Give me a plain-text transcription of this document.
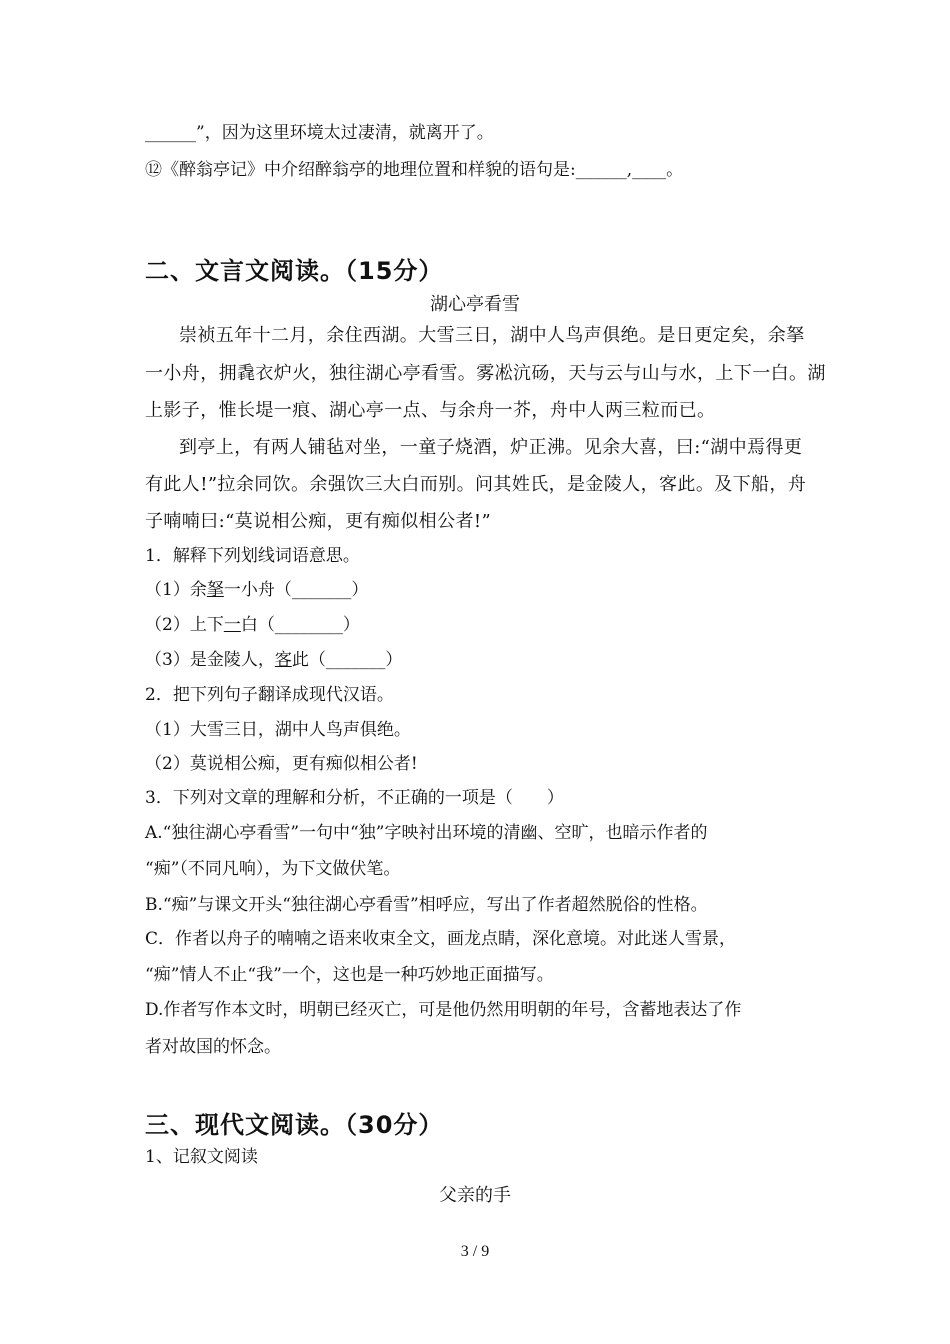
______”，因为这里环境太过凄清，就离开了。
⑫《醉翁亭记》中介绍醉翁亭的地理位置和样貌的语句是:______,____。
二、文言文阅读。（15分）
湖心亭看雪
崇祯五年十二月，余住西湖。大雪三日，湖中人鸟声俱绝。是日更定矣，余拏
一小舟，拥毳衣炉火，独往湖心亭看雪。雾凇沆砀，天与云与山与水，上下一白。湖
上影子，惟长堤一痕、湖心亭一点、与余舟一芥，舟中人两三粒而已。
到亭上，有两人铺毡对坐，一童子烧酒，炉正沸。见余大喜，曰:“湖中焉得更
有此人!”拉余同饮。余强饮三大白而别。问其姓氏，是金陵人，客此。及下船，舟
子喃喃曰:“莫说相公痴，更有痴似相公者!”
1．解释下列划线词语意思。
（1）余拏一小舟（_______）
（2）上下一白（________）
（3）是金陵人，客此（_______）
2．把下列句子翻译成现代汉语。
（1）大雪三日，湖中人鸟声俱绝。
（2）莫说相公痴，更有痴似相公者!
3．下列对文章的理解和分析，不正确的一项是（　　）
A.“独往湖心亭看雪”一句中“独”字映衬出环境的清幽、空旷，也暗示作者的
“痴”（不同凡响），为下文做伏笔。
B.“痴”与课文开头“独往湖心亭看雪”相呼应，写出了作者超然脱俗的性格。
C．作者以舟子的喃喃之语来收束全文，画龙点睛，深化意境。对此迷人雪景，
“痴”情人不止“我”一个，这也是一种巧妙地正面描写。
D.作者写作本文时，明朝已经灭亡，可是他仍然用明朝的年号，含蓄地表达了作
者对故国的怀念。
三、现代文阅读。（30分）
1、记叙文阅读
父亲的手
3 / 9
